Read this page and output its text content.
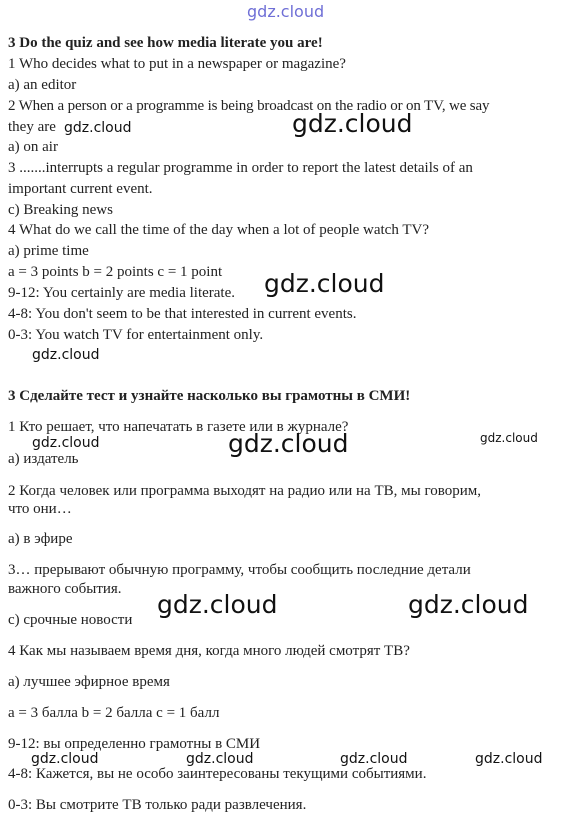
gdz.cloud
3 Do the quiz and see how media literate you are!
1 Who decides what to put in a newspaper or magazine?
a) an editor
2 When a person or a programme is being broadcast on the radio or on TV, we say
they are
a) on air
3 .......interrupts a regular programme in order to report the latest details of an
important current event.
c) Breaking news
4 What do we call the time of the day when a lot of people watch TV?
a) prime time
a = 3 points b = 2 points c = 1 point
9-12: You certainly are media literate.
4-8: You don't seem to be that interested in current events.
0-3: You watch TV for entertainment only.
3 Сделайте тест и узнайте насколько вы грамотны в СМИ!
1 Кто решает, что напечатать в газете или в журнале?
а) издатель
2 Когда человек или программа выходят на радио или на ТВ, мы говорим,
что они…
а) в эфире
3… прерывают обычную программу, чтобы сообщить последние детали
важного события.
с) срочные новости
4 Как мы называем время дня, когда много людей смотрят ТВ?
а) лучшее эфирное время
a = 3 балла b = 2 балла c = 1 балл
9-12: вы определенно грамотны в СМИ
4-8: Кажется, вы не особо заинтересованы текущими событиями.
0-3: Вы смотрите ТВ только ради развлечения.
gdz.cloud	gdz.cloud
gdz.cloud
gdz.cloud
gdz.cloud	gdz.cloud	gdz.cloud
gdz.cloud	gdz.cloud
gdz.cloud	gdz.cloud	gdz.cloud	gdz.cloud
